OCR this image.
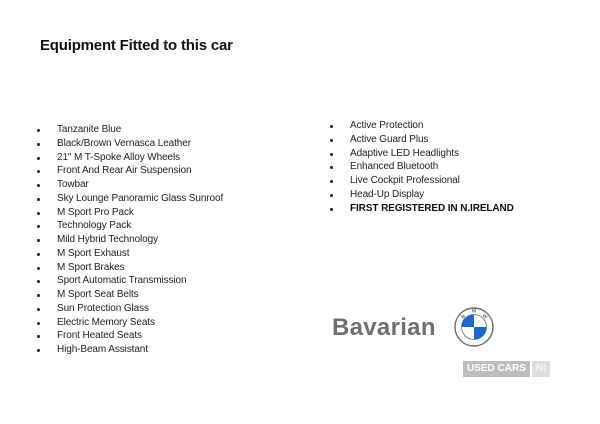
Equipment Fitted to this car
Tanzanite Blue
Black/Brown Vernasca Leather
21" M T-Spoke Alloy Wheels
Front And Rear Air Suspension
Towbar
Sky Lounge Panoramic Glass Sunroof
M Sport Pro Pack
Technology Pack
Mild Hybrid Technology
M Sport Exhaust
M Sport Brakes
Sport Automatic Transmission
M Sport Seat Belts
Sun Protection Glass
Electric Memory Seats
Front Heated Seats
High-Beam Assistant
Active Protection
Active Guard Plus
Adaptive LED Headlights
Enhanced Bluetooth
Live Cockpit Professional
Head-Up Display
FIRST REGISTERED IN N.IRELAND
Bavarian	B
M
W
USED CARS	NI
